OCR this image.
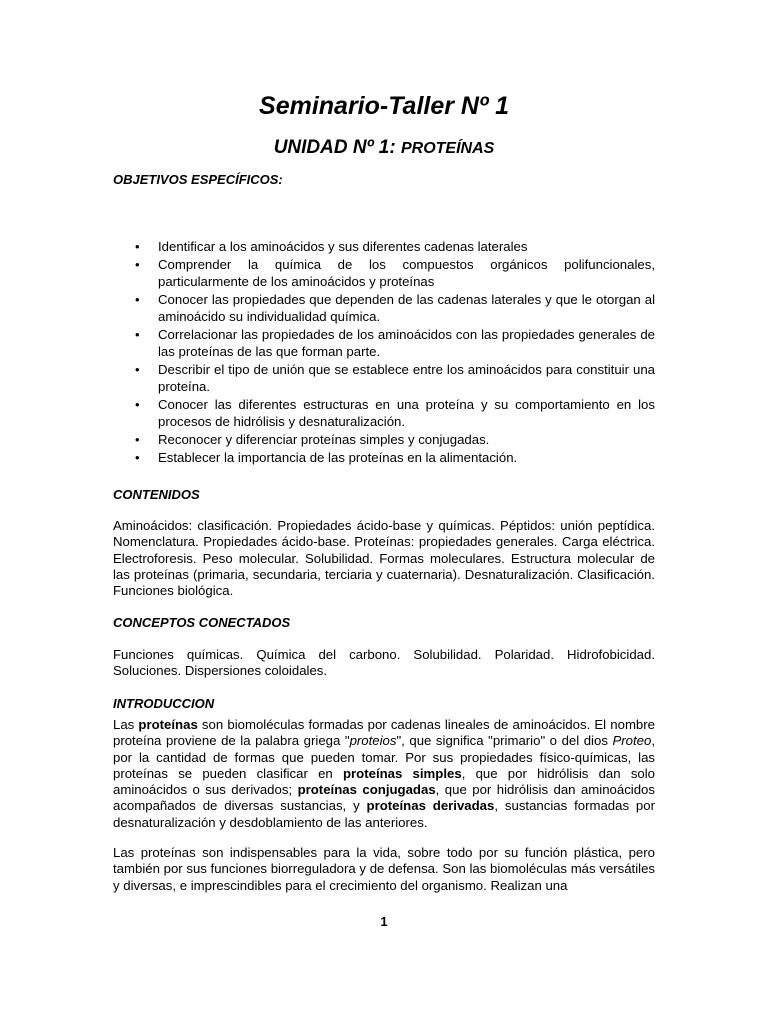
Seminario-Taller Nº 1
UNIDAD Nº 1: PROTEÍNAS
OBJETIVOS ESPECÍFICOS:
• Identificar a los aminoácidos y sus diferentes cadenas laterales
• Comprender la química de los compuestos orgánicos polifuncionales, particularmente de los aminoácidos y proteínas
• Conocer las propiedades que dependen de las cadenas laterales y que le otorgan al aminoácido su individualidad química.
• Correlacionar las propiedades de los aminoácidos con las propiedades generales de las proteínas de las que forman parte.
• Describir el tipo de unión que se establece entre los aminoácidos para constituir una proteína.
• Conocer las diferentes estructuras en una proteína y su comportamiento en los procesos de hidrólisis y desnaturalización.
• Reconocer y diferenciar proteínas simples y conjugadas.
• Establecer la importancia de las proteínas en la alimentación.
CONTENIDOS

Aminoácidos: clasificación. Propiedades ácido-base y químicas. Péptidos: unión peptídica. Nomenclatura. Propiedades ácido-base. Proteínas: propiedades generales. Carga eléctrica. Electroforesis. Peso molecular. Solubilidad. Formas moleculares. Estructura molecular de las proteínas (primaria, secundaria, terciaria y cuaternaria). Desnaturalización. Clasificación. Funciones biológica.

CONCEPTOS CONECTADOS

Funciones químicas. Química del carbono. Solubilidad. Polaridad. Hidrofobicidad. Soluciones. Dispersiones coloidales.

INTRODUCCION

Las proteínas son biomoléculas formadas por cadenas lineales de aminoácidos. El nombre proteína proviene de la palabra griega "proteios", que significa "primario" o del dios Proteo, por la cantidad de formas que pueden tomar. Por sus propiedades físico-químicas, las proteínas se pueden clasificar en proteínas simples, que por hidrólisis dan solo aminoácidos o sus derivados; proteínas conjugadas, que por hidrólisis dan aminoácidos acompañados de diversas sustancias, y proteínas derivadas, sustancias formadas por desnaturalización y desdoblamiento de las anteriores.

Las proteínas son indispensables para la vida, sobre todo por su función plástica, pero también por sus funciones biorreguladora y de defensa. Son las biomoléculas más versátiles y diversas, e imprescindibles para el crecimiento del organismo. Realizan una

1
